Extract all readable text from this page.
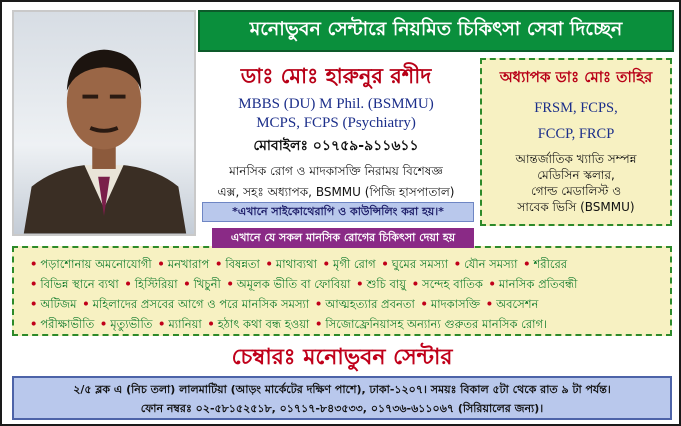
মনোভুবন সেন্টারে নিয়মিত চিকিৎসা সেবা দিচ্ছেন
ডাঃ মোঃ হারুনুর রশীদ
MBBS (DU) M Phil. (BSMMU)
MCPS, FCPS (Psychiatry)
মোবাইলঃ ০১৭৫৯-৯১১৬১১
মানসিক রোগ ও মাদকাসক্তি নিরাময় বিশেষজ্ঞ
এক্স, সহঃ অধ্যাপক, BSMMU (পিজি হাসপাতাল)
অধ্যাপক ডাঃ মোঃ তাহির
FRSM, FCPS,
FCCP, FRCP
আন্তর্জাতিক খ্যাতি সম্পন্ন
মেডিসিন স্কলার,
গোল্ড মেডালিস্ট ও
সাবেক ভিসি (BSMMU)
*এখানে সাইকোথেরাপি ও কাউন্সিলিং করা হয়।*
• পড়াশোনায় অমনোযোগী • মনখারাপ • বিষন্নতা • মাথাব্যথা • মৃগী রোগ • ঘুমের সমস্যা • যৌন সমস্যা • শরীরের
• বিভিন্ন স্থানে ব্যথা • হিস্টিরিয়া • খিচুনী • অমূলক ভীতি বা ফোবিয়া • শুচি বায়ু • সন্দেহ বাতিক • মানসিক প্রতিবন্ধী
• অটিজম • মহিলাদের প্রসবের আগে ও পরে মানসিক সমস্যা • আত্মহত্যার প্রবনতা • মাদকাসক্তি • অবসেশন
• পরীক্ষাভীতি • মৃত্যুভীতি • ম্যানিয়া • হঠাৎ কথা বন্ধ হওয়া • সিজোফ্রেনিয়াসহ অন্যান্য গুরুতর মানসিক রোগ।
এখানে যে সকল মানসিক রোগের চিকিৎসা দেয়া হয়
চেম্বারঃ মনোভুবন সেন্টার
২/৫ ব্লক এ (নিচ তলা) লালমাটিয়া (আড়ং মার্কেটের দক্ষিণ পাশে), ঢাকা-১২০৭। সময়ঃ বিকাল ৫টা থেকে রাত ৯ টা পর্যন্ত।
ফোন নম্বরঃ ০২-৫৮১৫২৫১৮, ০১৭১৭-৮৪৩৫৩৩, ০১৭৩৬-৬১১০৬৭ (সিরিয়ালের জন্য)।
